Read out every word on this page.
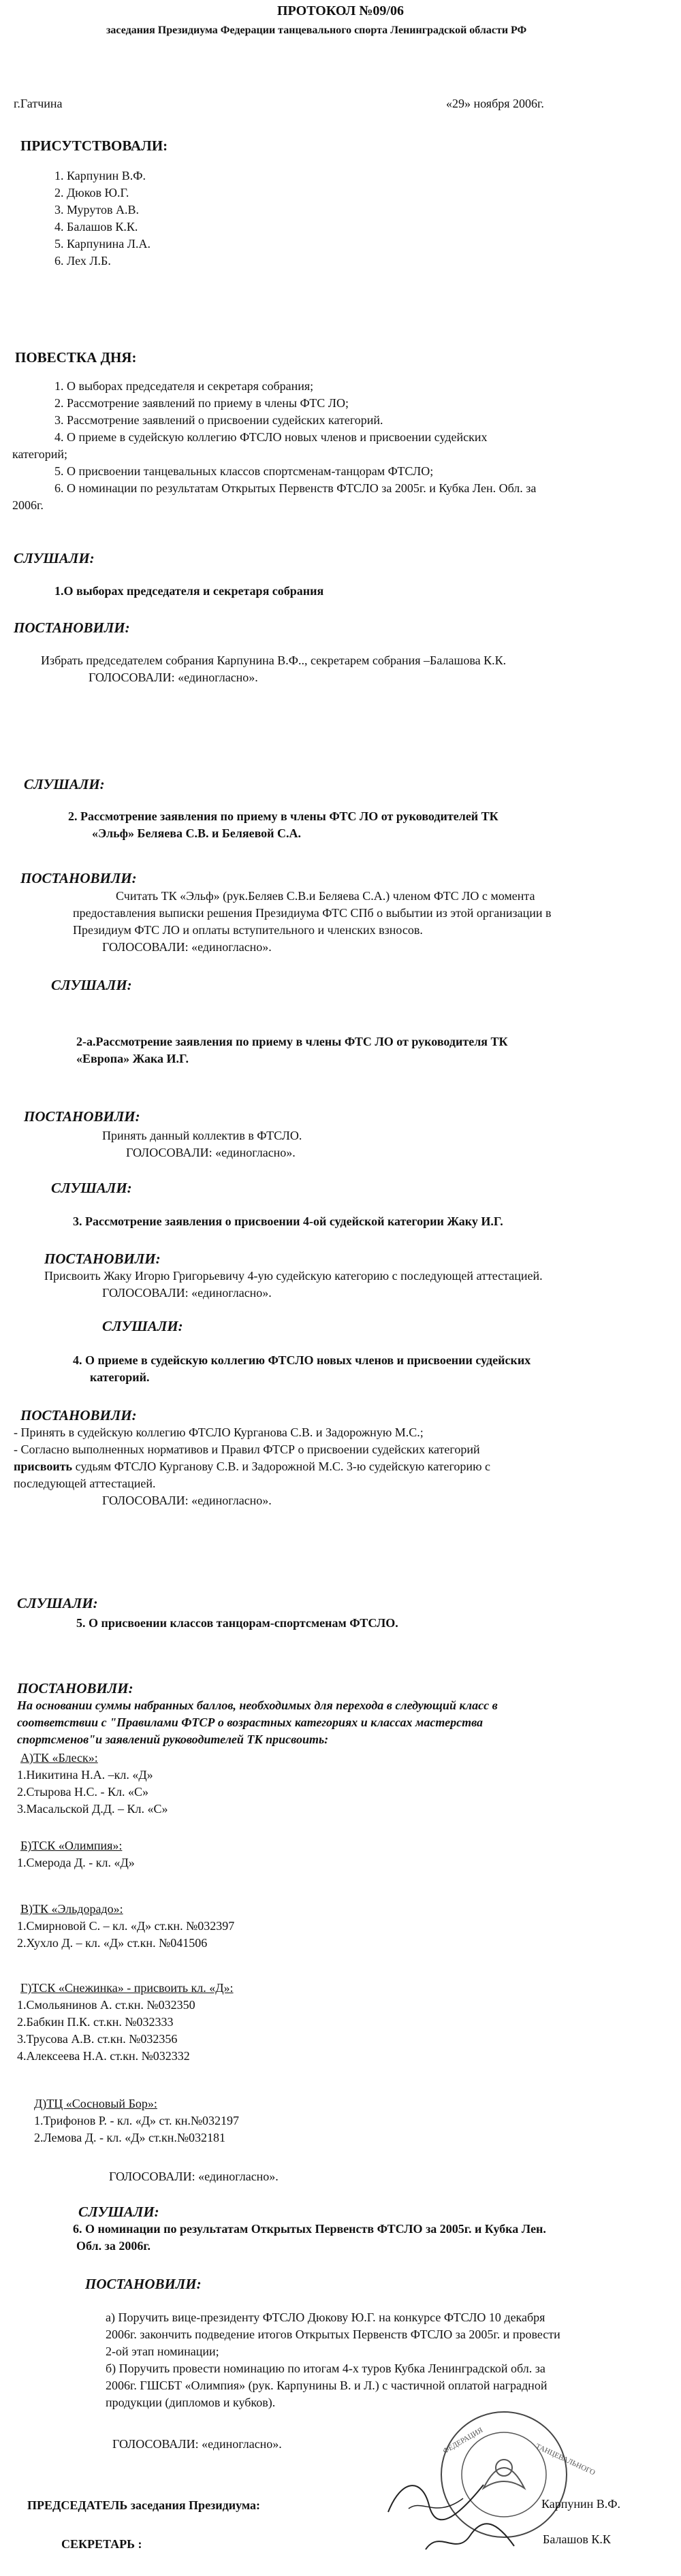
ПРОТОКОЛ №09/06
заседания Президиума Федерации танцевального спорта Ленинградской области РФ
г.Гатчина	«29» ноября 2006г.
ПРИСУТСТВОВАЛИ:
1. Карпунин В.Ф.
2. Дюков Ю.Г.
3. Мурутов А.В.
4. Балашов К.К.
5. Карпунина Л.А.
6. Лех Л.Б.
ПОВЕСТКА ДНЯ:
1. О выборах председателя и секретаря собрания;
2. Рассмотрение заявлений по приему в члены ФТС ЛО;
3. Рассмотрение заявлений о присвоении судейских категорий.
4. О приеме в судейскую коллегию ФТСЛО новых членов и присвоении судейских
категорий;
5. О присвоении танцевальных классов спортсменам-танцорам ФТСЛО;
6. О номинации по результатам Открытых Первенств ФТСЛО за 2005г. и Кубка Лен. Обл. за
2006г.
СЛУШАЛИ:
1.О выборах председателя и секретаря собрания
ПОСТАНОВИЛИ:
Избрать председателем собрания Карпунина В.Ф.., секретарем собрания –Балашова К.К.
ГОЛОСОВАЛИ: «единогласно».
СЛУШАЛИ:
2. Рассмотрение заявления по приему в члены ФТС ЛО от руководителей ТК
«Эльф» Беляева С.В. и Беляевой С.А.
ПОСТАНОВИЛИ:
Считать ТК «Эльф» (рук.Беляев С.В.и Беляева С.А.) членом ФТС ЛО с момента
предоставления выписки решения Президиума ФТС СПб о выбытии из этой организации в
Президиум ФТС ЛО и оплаты вступительного и членских взносов.
ГОЛОСОВАЛИ: «единогласно».
СЛУШАЛИ:
2-а.Рассмотрение заявления по приему в члены ФТС ЛО от руководителя ТК
«Европа» Жака И.Г.
ПОСТАНОВИЛИ:
Принять данный коллектив в ФТСЛО.
ГОЛОСОВАЛИ: «единогласно».
СЛУШАЛИ:
3. Рассмотрение заявления о присвоении 4-ой судейской категории Жаку И.Г.
ПОСТАНОВИЛИ:
Присвоить Жаку Игорю Григорьевичу 4-ую судейскую категорию с последующей аттестацией.
ГОЛОСОВАЛИ: «единогласно».
СЛУШАЛИ:
4. О приеме в судейскую коллегию ФТСЛО новых членов и присвоении судейских
категорий.
ПОСТАНОВИЛИ:
- Принять в судейскую коллегию ФТСЛО Курганова С.В. и Задорожную М.С.;
- Согласно выполненных нормативов и Правил ФТСР о присвоении судейских категорий
присвоить судьям ФТСЛО Курганову С.В. и Задорожной М.С. 3-ю судейскую категорию с
последующей аттестацией.
ГОЛОСОВАЛИ: «единогласно».
СЛУШАЛИ:
5. О присвоении классов танцорам-спортсменам ФТСЛО.
ПОСТАНОВИЛИ:
На основании суммы набранных баллов, необходимых для перехода в следующий класс в
соответствии с "Правилами ФТСР о возрастных категориях и классах мастерства
спортсменов"и заявлений руководителей ТК присвоить:
А)ТК «Блеск»:
1.Никитина Н.А. –кл. «Д»
2.Стырова Н.С. - Кл. «С»
3.Масальской Д.Д. – Кл. «С»
Б)ТСК «Олимпия»:
1.Смерода Д. - кл. «Д»
В)ТК «Эльдорадо»:
1.Смирновой С. – кл. «Д» ст.кн. №032397
2.Хухло Д. – кл. «Д» ст.кн. №041506
Г)ТСК «Снежинка» - присвоить кл. «Д»:
1.Смольянинов А. ст.кн. №032350
2.Бабкин П.К. ст.кн. №032333
3.Трусова А.В. ст.кн. №032356
4.Алексеева Н.А. ст.кн. №032332
Д)ТЦ «Сосновый Бор»:
1.Трифонов Р. - кл. «Д» ст. кн.№032197
2.Лемова Д. - кл. «Д» ст.кн.№032181
ГОЛОСОВАЛИ: «единогласно».
СЛУШАЛИ:
6. О номинации по результатам Открытых Первенств ФТСЛО за 2005г. и Кубка Лен.
Обл. за 2006г.
ПОСТАНОВИЛИ:
а) Поручить вице-президенту ФТСЛО Дюкову Ю.Г. на конкурсе ФТСЛО 10 декабря
2006г. закончить подведение итогов Открытых Первенств ФТСЛО за 2005г. и провести
2-ой этап номинации;
б) Поручить провести номинацию по итогам 4-х туров Кубка Ленинградской обл. за
2006г. ГШСБТ «Олимпия» (рук. Карпунины В. и Л.) с частичной оплатой наградной
продукции (дипломов и кубков).
ГОЛОСОВАЛИ: «единогласно».	ФЕДЕРАЦИЯ
ТАНЦЕВАЛЬНОГО
ПРЕДСЕДАТЕЛЬ заседания Президиума:	Карпунин В.Ф.
СЕКРЕТАРЬ :	Балашов К.К
